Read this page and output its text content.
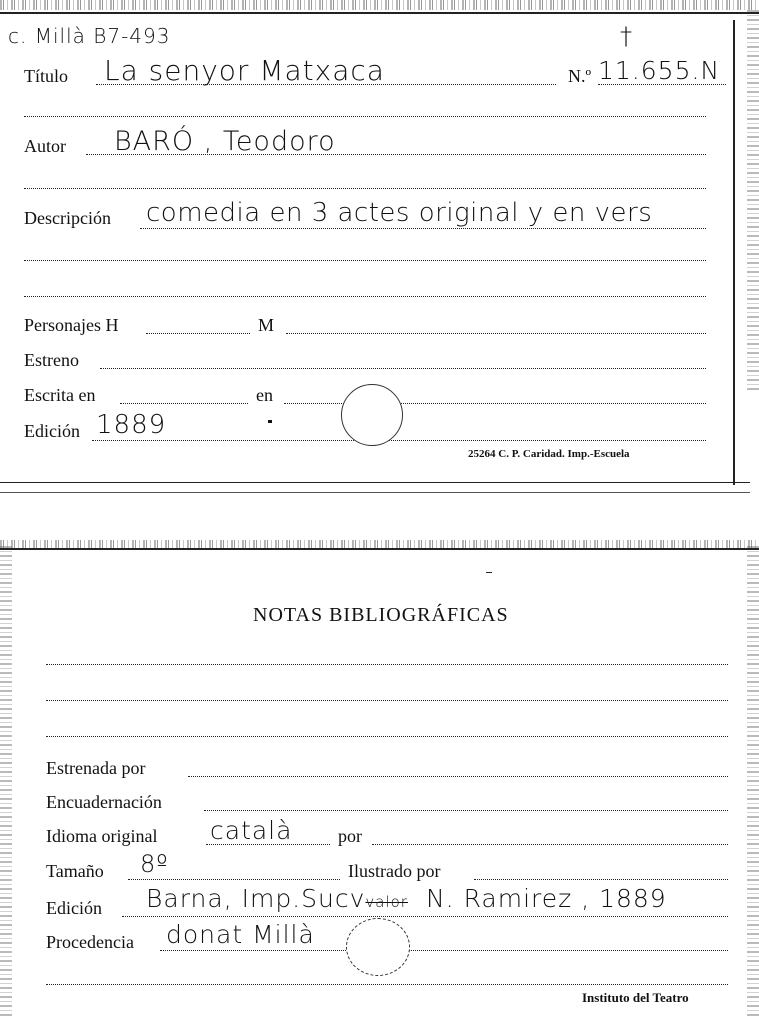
c. Millà B7-493	†
Título La senyor Matxaca	N.º 11.655.N
Autor BARÓ , Teodoro
Descripción comedia en 3 actes original y en vers
Personajes H	M
Estreno
Escrita en	en
Edición 1889
25264 C. P. Caridad. Imp.-Escuela
NOTAS BIBLIOGRÁFICAS
Estrenada por
Encuadernación
Idioma original català	por
Tamaño 8º	Ilustrado por
Edición Barna, Imp.Sucvvalor N. Ramirez , 1889
Procedencia donat Millà
Instituto del Teatro
